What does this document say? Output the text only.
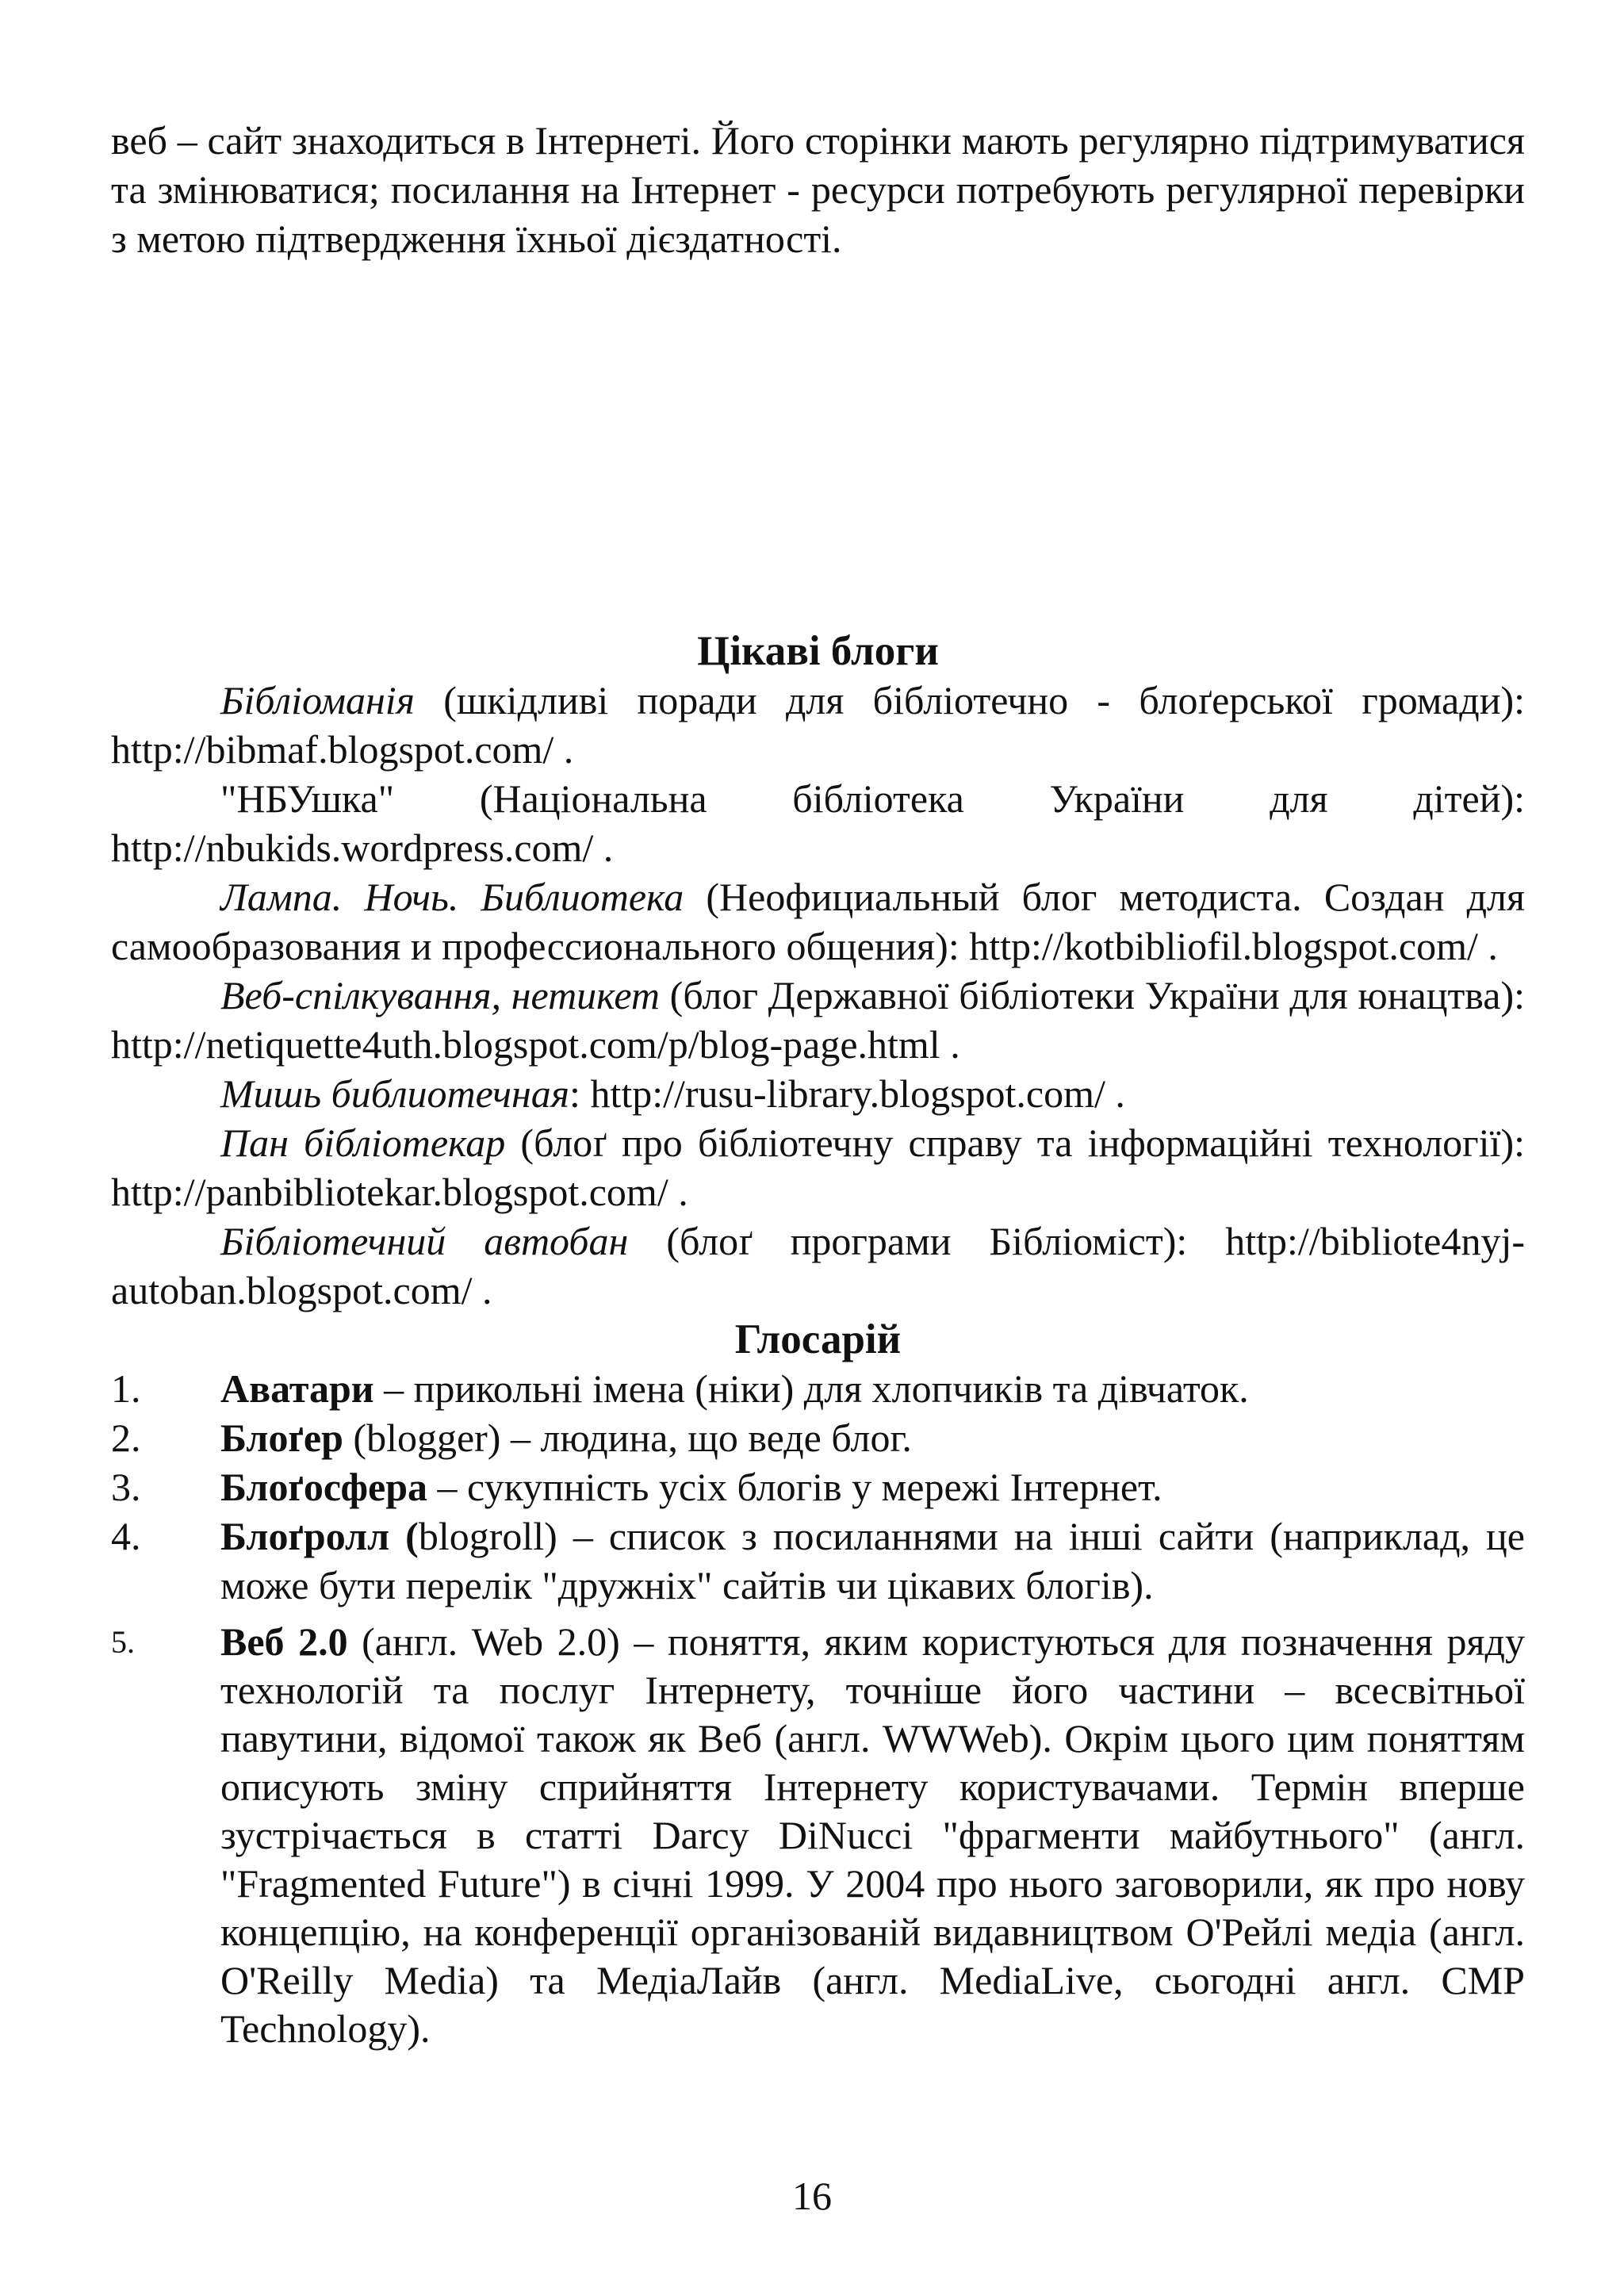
веб – сайт знаходиться в Інтернеті. Його сторінки мають регулярно підтримуватися та змінюватися; посилання на Інтернет - ресурси потребують регулярної перевірки з метою підтвердження їхньої дієздатності.

Цікаві блоги

Бібліоманія (шкідливі поради для бібліотечно - блоґерської громади): http://bibmaf.blogspot.com/ .

"НБУшка" (Національна бібліотека України для дітей): http://nbukids.wordpress.com/ .

Лампа. Ночь. Библиотека (Неофициальный блог методиста. Создан для самообразования и профессионального общения): http://kotbibliofil.blogspot.com/ .

Веб-спілкування, нетикет (блог Державної бібліотеки України для юнацтва): http://netiquette4uth.blogspot.com/p/blog-page.html .

Мишь библиотечная: http://rusu-library.blogspot.com/ .

Пан бібліотекар (блоґ про бібліотечну справу та інформаційні технології): http://panbibliotekar.blogspot.com/ .

Бібліотечний автобан (блоґ програми Бібліоміст): http://bibliote4nyj-autoban.blogspot.com/ .

Глосарій
1. Аватари – прикольні імена (ніки) для хлопчиків та дівчаток.
2. Блоґер (blogger) – людина, що веде блог.
3. Блоґосфера – сукупність усіх блогів у мережі Інтернет.
4. Блоґролл (blogroll) – список з посиланнями на інші сайти (наприклад, це може бути перелік "дружніх" сайтів чи цікавих блогів).
5. Веб 2.0 (англ. Web 2.0) – поняття, яким користуються для позначення ряду технологій та послуг Інтернету, точніше його частини – всесвітньої павутини, відомої також як Веб (англ. WWWeb). Окрім цього цим поняттям описують зміну сприйняття Інтернету користувачами. Термін вперше зустрічається в статті Darcy DiNucci "фрагменти майбутнього" (англ. "Fragmented Future") в січні 1999. У 2004 про нього заговорили, як про нову концепцію, на конференції організованій видавництвом О'Рейлі медіа (англ. O'Reilly Media) та МедіаЛайв (англ. MediaLive, сьогодні англ. CMP Technology).
16
